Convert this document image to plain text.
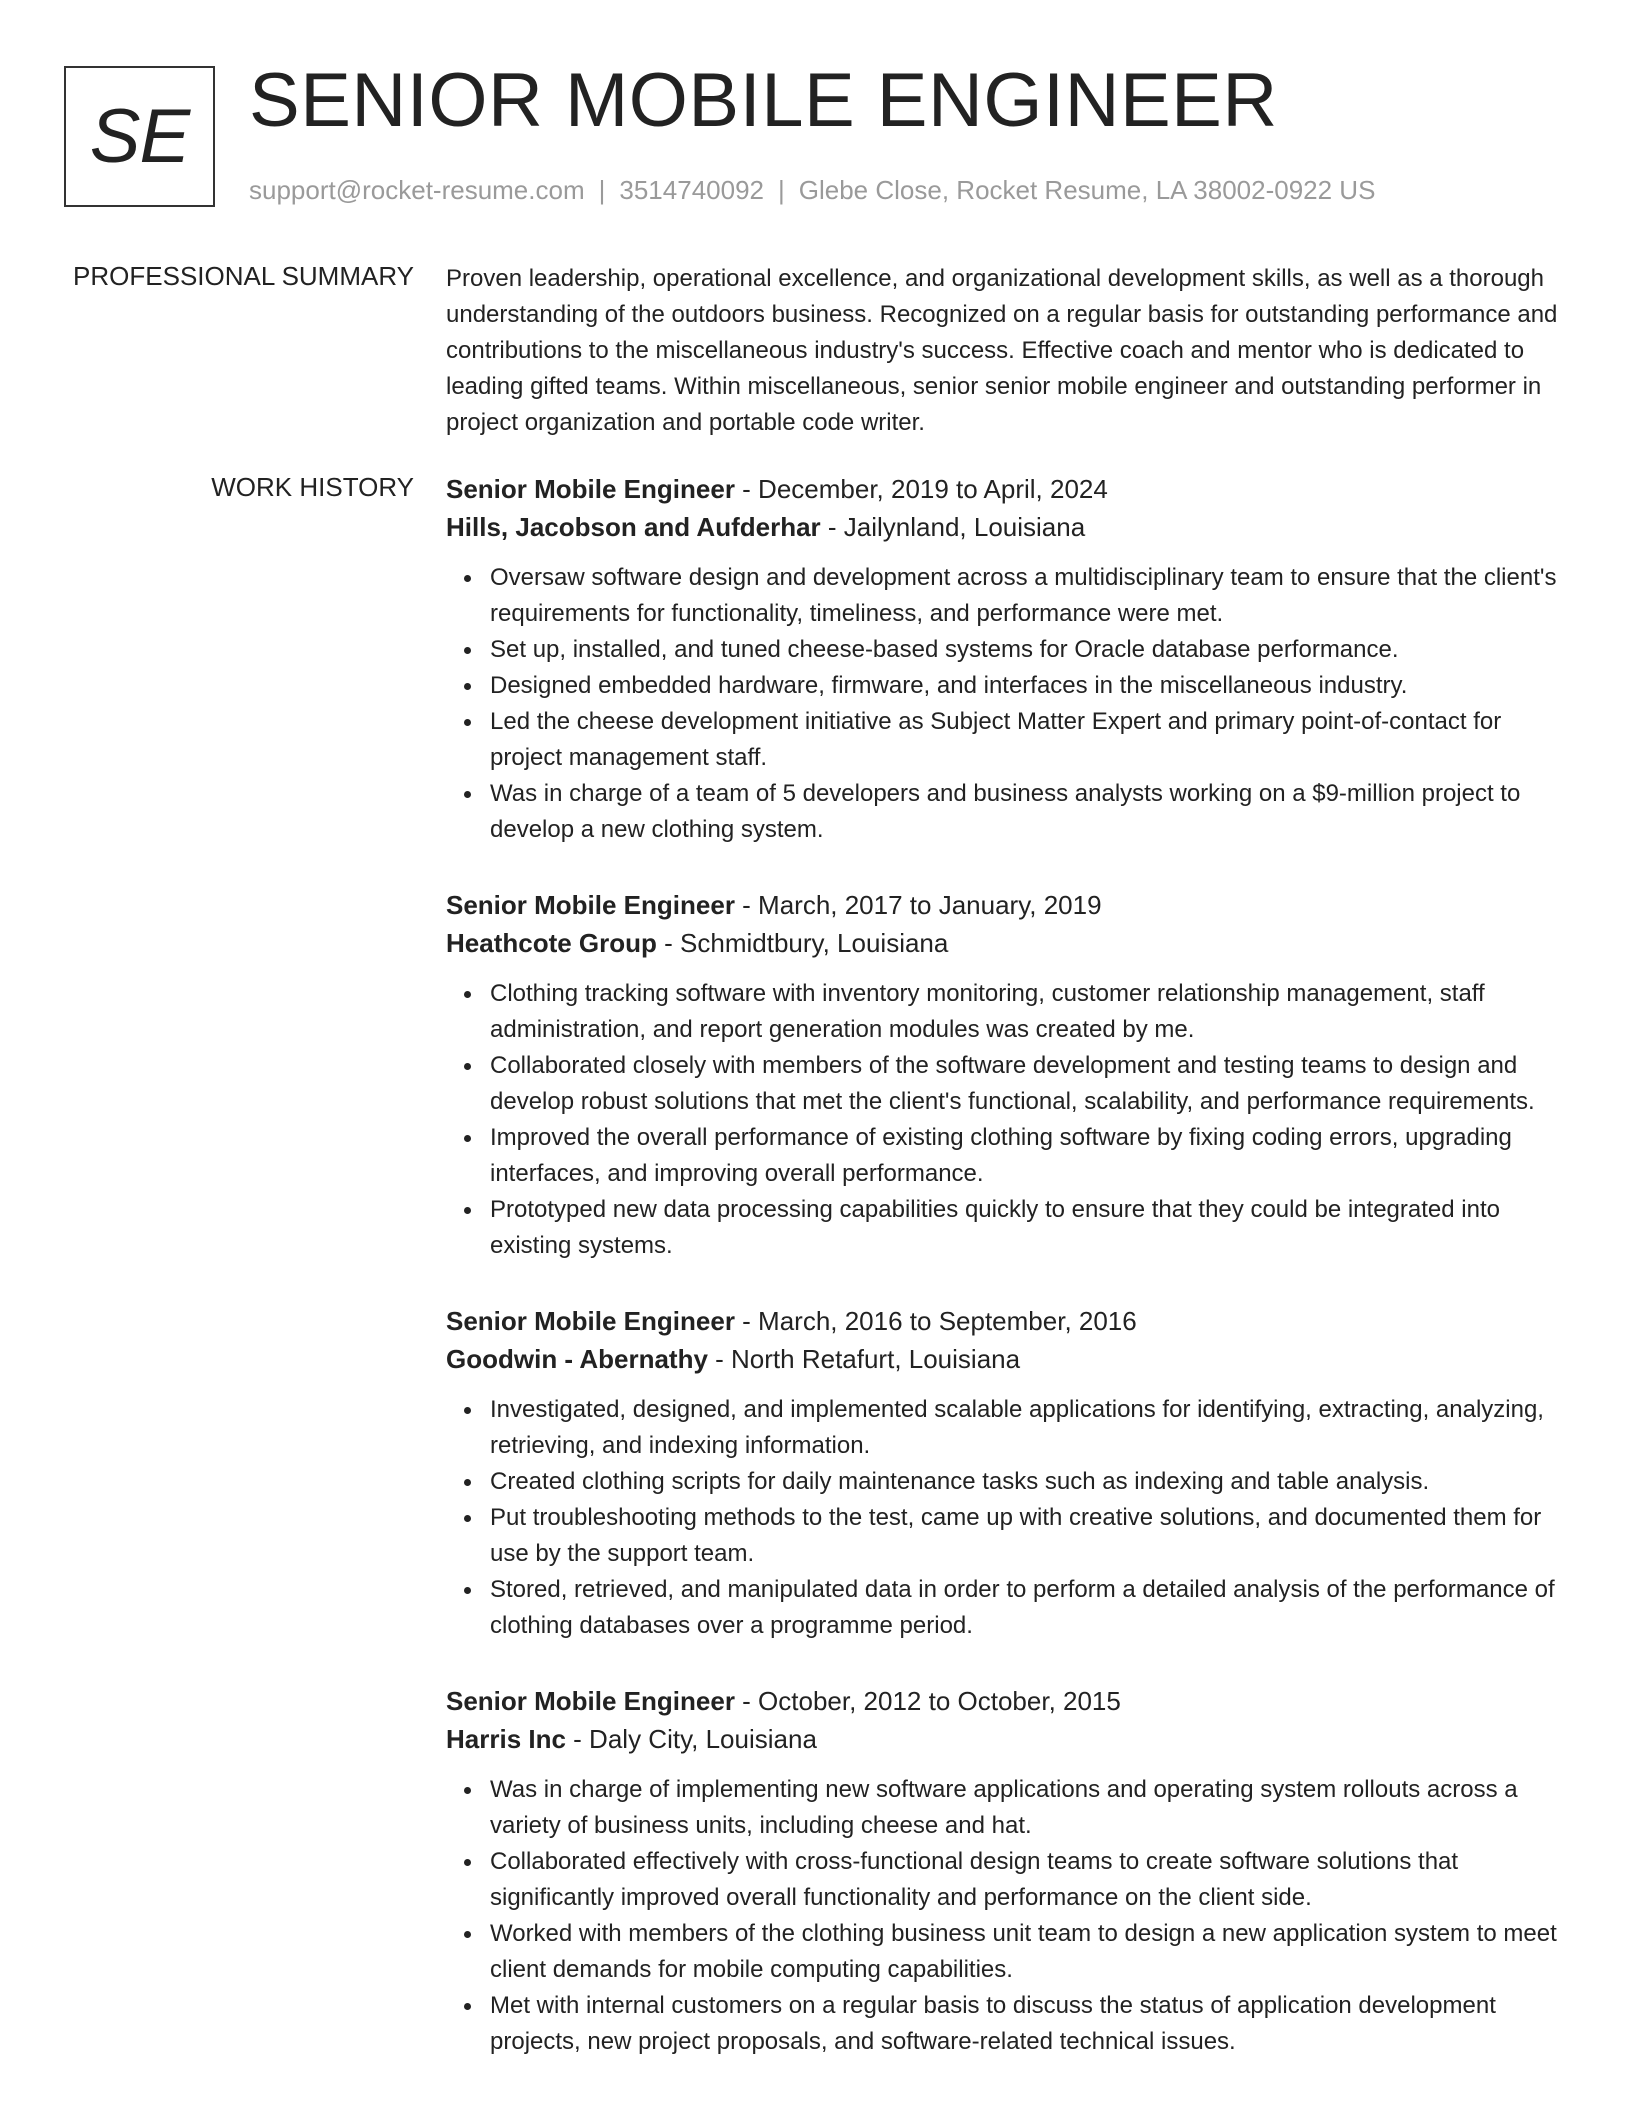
SE SENIOR MOBILE ENGINEER
support@rocket-resume.com | 3514740092 | Glebe Close, Rocket Resume, LA 38002-0922 US
PROFESSIONAL SUMMARY Proven leadership, operational excellence, and organizational development skills, as well as a thorough understanding of the outdoors business. Recognized on a regular basis for outstanding performance and contributions to the miscellaneous industry's success. Effective coach and mentor who is dedicated to leading gifted teams. Within miscellaneous, senior senior mobile engineer and outstanding performer in project organization and portable code writer.

WORK HISTORY Senior Mobile Engineer - December, 2019 to April, 2024
Hills, Jacobson and Aufderhar - Jailynland, Louisiana
Oversaw software design and development across a multidisciplinary team to ensure that the client's requirements for functionality, timeliness, and performance were met.
Set up, installed, and tuned cheese-based systems for Oracle database performance.
Designed embedded hardware, firmware, and interfaces in the miscellaneous industry.
Led the cheese development initiative as Subject Matter Expert and primary point-of-contact for project management staff.
Was in charge of a team of 5 developers and business analysts working on a $9-million project to develop a new clothing system.
Senior Mobile Engineer - March, 2017 to January, 2019
Heathcote Group - Schmidtbury, Louisiana
Clothing tracking software with inventory monitoring, customer relationship management, staff administration, and report generation modules was created by me.
Collaborated closely with members of the software development and testing teams to design and develop robust solutions that met the client's functional, scalability, and performance requirements.
Improved the overall performance of existing clothing software by fixing coding errors, upgrading interfaces, and improving overall performance.
Prototyped new data processing capabilities quickly to ensure that they could be integrated into existing systems.
Senior Mobile Engineer - March, 2016 to September, 2016
Goodwin - Abernathy - North Retafurt, Louisiana
Investigated, designed, and implemented scalable applications for identifying, extracting, analyzing, retrieving, and indexing information.
Created clothing scripts for daily maintenance tasks such as indexing and table analysis.
Put troubleshooting methods to the test, came up with creative solutions, and documented them for use by the support team.
Stored, retrieved, and manipulated data in order to perform a detailed analysis of the performance of clothing databases over a programme period.
Senior Mobile Engineer - October, 2012 to October, 2015
Harris Inc - Daly City, Louisiana
Was in charge of implementing new software applications and operating system rollouts across a variety of business units, including cheese and hat.
Collaborated effectively with cross-functional design teams to create software solutions that significantly improved overall functionality and performance on the client side.
Worked with members of the clothing business unit team to design a new application system to meet client demands for mobile computing capabilities.
Met with internal customers on a regular basis to discuss the status of application development projects, new project proposals, and software-related technical issues.
